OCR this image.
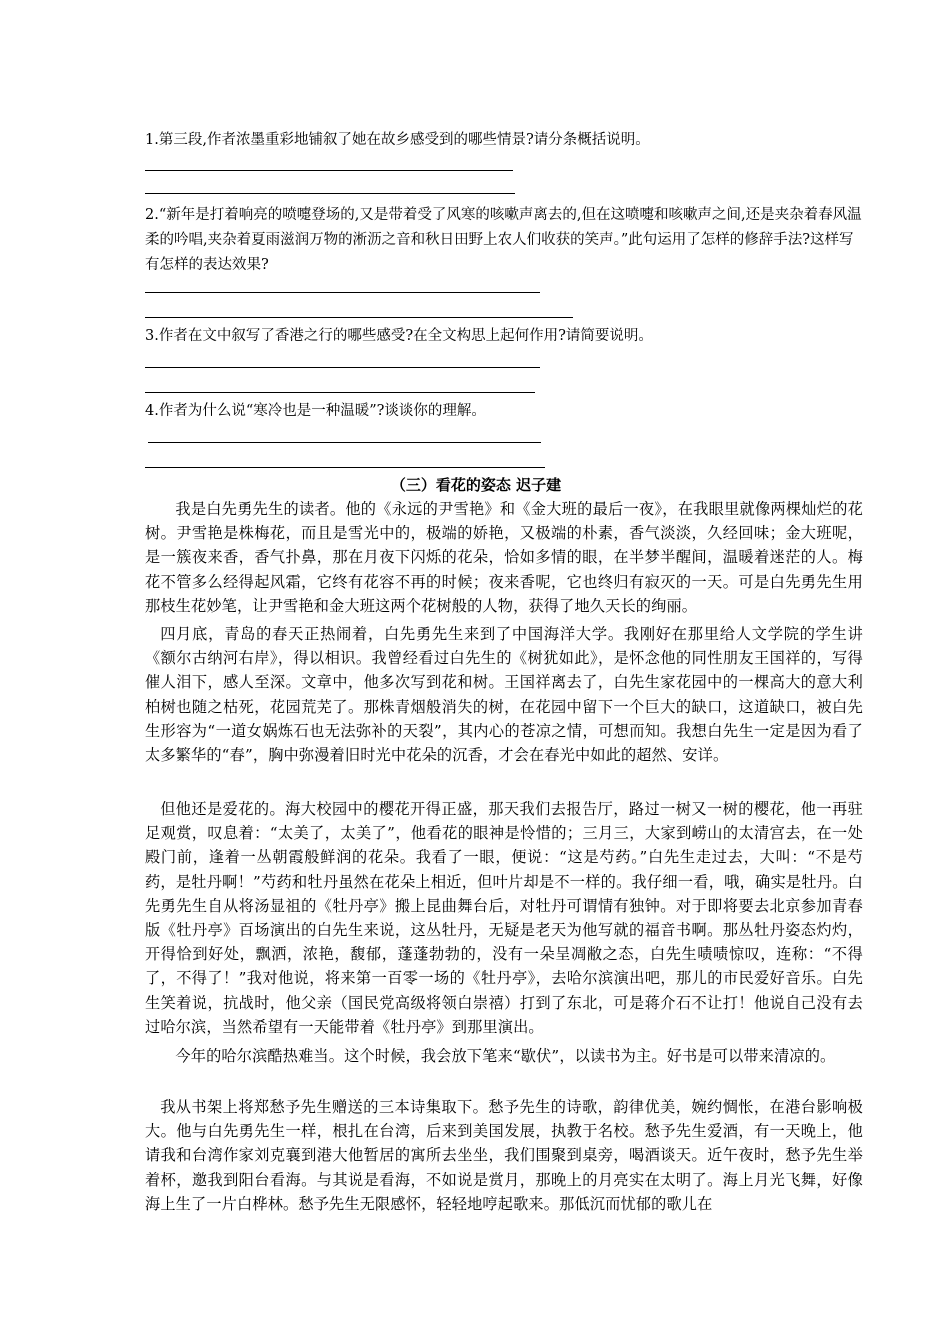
1.第三段,作者浓墨重彩地铺叙了她在故乡感受到的哪些情景?请分条概括说明。
2.“新年是打着响亮的喷嚏登场的,又是带着受了风寒的咳嗽声离去的,但在这喷嚏和咳嗽声之间,还是夹杂着春风温柔的吟唱,夹杂着夏雨滋润万物的淅沥之音和秋日田野上农人们收获的笑声。”此句运用了怎样的修辞手法?这样写有怎样的表达效果?
3.作者在文中叙写了香港之行的哪些感受?在全文构思上起何作用?请简要说明。
4.作者为什么说“寒冷也是一种温暖”?谈谈你的理解。
（三）看花的姿态 迟子建
我是白先勇先生的读者。他的《永远的尹雪艳》和《金大班的最后一夜》，在我眼里就像两棵灿烂的花树。尹雪艳是株梅花，而且是雪光中的，极端的娇艳，又极端的朴素，香气淡淡，久经回味；金大班呢，是一簇夜来香，香气扑鼻，那在月夜下闪烁的花朵，恰如多情的眼，在半梦半醒间，温暖着迷茫的人。梅花不管多么经得起风霜，它终有花容不再的时候；夜来香呢，它也终归有寂灭的一天。可是白先勇先生用那枝生花妙笔，让尹雪艳和金大班这两个花树般的人物，获得了地久天长的绚丽。
四月底，青岛的春天正热闹着，白先勇先生来到了中国海洋大学。我刚好在那里给人文学院的学生讲《额尔古纳河右岸》，得以相识。我曾经看过白先生的《树犹如此》，是怀念他的同性朋友王国祥的，写得催人泪下，感人至深。文章中，他多次写到花和树。王国祥离去了，白先生家花园中的一棵高大的意大利柏树也随之枯死，花园荒芜了。那株青烟般消失的树，在花园中留下一个巨大的缺口，这道缺口，被白先生形容为“一道女娲炼石也无法弥补的天裂”，其内心的苍凉之情，可想而知。我想白先生一定是因为看了太多繁华的“春”，胸中弥漫着旧时光中花朵的沉香，才会在春光中如此的超然、安详。
但他还是爱花的。海大校园中的樱花开得正盛，那天我们去报告厅，路过一树又一树的樱花，他一再驻足观赏，叹息着：“太美了，太美了”，他看花的眼神是怜惜的；三月三，大家到崂山的太清宫去，在一处殿门前，逢着一丛朝霞般鲜润的花朵。我看了一眼，便说：“这是芍药。”白先生走过去，大叫：“不是芍药，是牡丹啊！”芍药和牡丹虽然在花朵上相近，但叶片却是不一样的。我仔细一看，哦，确实是牡丹。白先勇先生自从将汤显祖的《牡丹亭》搬上昆曲舞台后，对牡丹可谓情有独钟。对于即将要去北京参加青春版《牡丹亭》百场演出的白先生来说，这丛牡丹，无疑是老天为他写就的福音书啊。那丛牡丹姿态灼灼，开得恰到好处，飘洒，浓艳，馥郁，蓬蓬勃勃的，没有一朵呈凋敝之态，白先生啧啧惊叹，连称：“不得了，不得了！”我对他说，将来第一百零一场的《牡丹亭》，去哈尔滨演出吧，那儿的市民爱好音乐。白先生笑着说，抗战时，他父亲（国民党高级将领白崇禧）打到了东北，可是蒋介石不让打！他说自己没有去过哈尔滨，当然希望有一天能带着《牡丹亭》到那里演出。
今年的哈尔滨酷热难当。这个时候，我会放下笔来“歇伏”，以读书为主。好书是可以带来清凉的。
我从书架上将郑愁予先生赠送的三本诗集取下。愁予先生的诗歌，韵律优美，婉约惆怅，在港台影响极大。他与白先勇先生一样，根扎在台湾，后来到美国发展，执教于名校。愁予先生爱酒，有一天晚上，他请我和台湾作家刘克襄到港大他暂居的寓所去坐坐，我们围聚到桌旁，喝酒谈天。近午夜时，愁予先生举着杯，邀我到阳台看海。与其说是看海，不如说是赏月，那晚上的月亮实在太明了。海上月光飞舞，好像海上生了一片白桦林。愁予先生无限感怀，轻轻地哼起歌来。那低沉而忧郁的歌儿在
